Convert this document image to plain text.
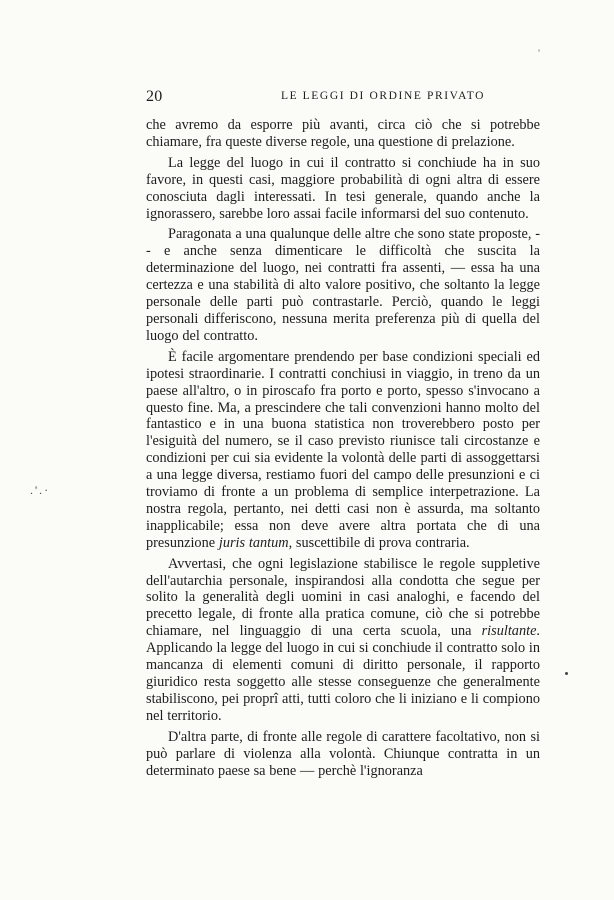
.'.·
20	LE LEGGI DI ORDINE PRIVATO

che avremo da esporre più avanti, circa ciò che si potrebbe chiamare, fra queste diverse regole, una questione di prelazione.

La legge del luogo in cui il contratto si conchiude ha in suo favore, in questi casi, maggiore probabilità di ogni altra di essere conosciuta dagli interessati. In tesi generale, quando anche la ignorassero, sarebbe loro assai facile informarsi del suo contenuto.

Paragonata a una qualunque delle altre che sono state proposte, -- e anche senza dimenticare le difficoltà che suscita la determinazione del luogo, nei contratti fra assenti, — essa ha una certezza e una stabilità di alto valore positivo, che soltanto la legge personale delle parti può contrastarle. Perciò, quando le leggi personali differiscono, nessuna merita preferenza più di quella del luogo del contratto.

È facile argomentare prendendo per base condizioni speciali ed ipotesi straordinarie. I contratti conchiusi in viaggio, in treno da un paese all'altro, o in piroscafo fra porto e porto, spesso s'invocano a questo fine. Ma, a prescindere che tali convenzioni hanno molto del fantastico e in una buona statistica non troverebbero posto per l'esiguità del numero, se il caso previsto riunisce tali circostanze e condizioni per cui sia evidente la volontà delle parti di assoggettarsi a una legge diversa, restiamo fuori del campo delle presunzioni e ci troviamo di fronte a un problema di semplice interpetrazione. La nostra regola, pertanto, nei detti casi non è assurda, ma soltanto inapplicabile; essa non deve avere altra portata che di una presunzione juris tantum, suscettibile di prova contraria.

Avvertasi, che ogni legislazione stabilisce le regole suppletive dell'autarchia personale, inspirandosi alla condotta che segue per solito la generalità degli uomini in casi analoghi, e facendo del precetto legale, di fronte alla pratica comune, ciò che si potrebbe chiamare, nel linguaggio di una certa scuola, una risultante. Applicando la legge del luogo in cui si conchiude il contratto solo in mancanza di elementi comuni di diritto personale, il rapporto giuridico resta soggetto alle stesse conseguenze che generalmente stabiliscono, pei proprî atti, tutti coloro che li iniziano e li compiono nel territorio.

D'altra parte, di fronte alle regole di carattere facoltativo, non si può parlare di violenza alla volontà. Chiunque contratta in un determinato paese sa bene — perchè l'ignoranza
